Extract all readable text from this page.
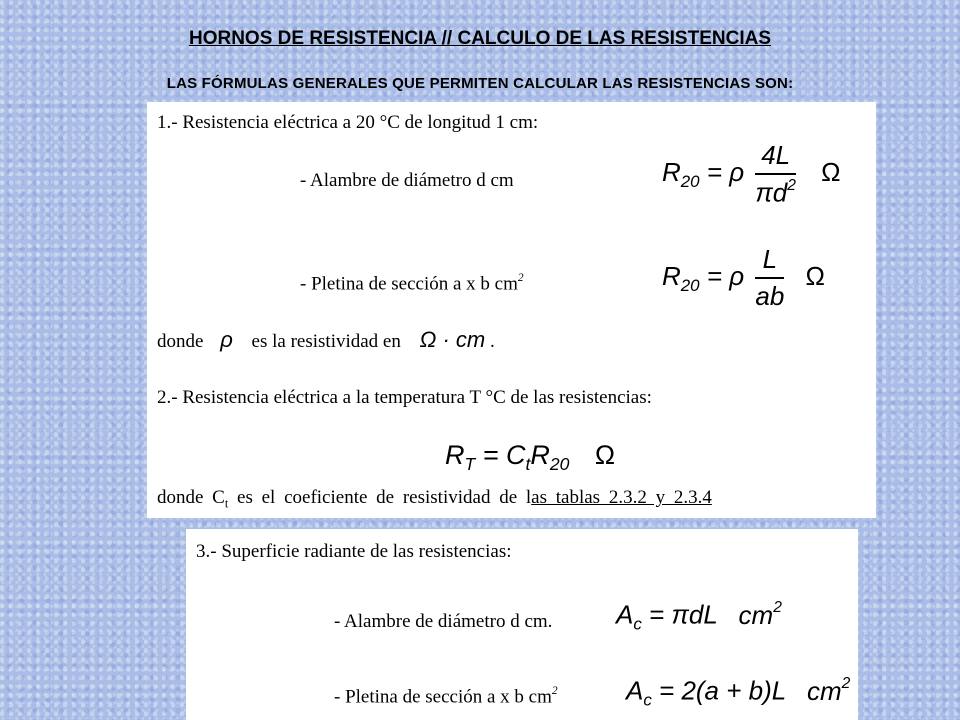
HORNOS DE RESISTENCIA // CALCULO DE LAS RESISTENCIAS
LAS FÓRMULAS GENERALES QUE PERMITEN CALCULAR LAS RESISTENCIAS SON:
1.- Resistencia eléctrica a 20 °C de longitud 1 cm:
- Alambre de diámetro d cm	$R_{20} = \rho \frac{4L}{\pi d^2}$ Ω
- Pletina de sección a x b $cm^2$	$R_{20} = \rho \frac{L}{ab}$ Ω
donde ρ es la resistividad en Ω · cm .
2.- Resistencia eléctrica a la temperatura T °C de las resistencias:
$R_T = C_tR_{20}$ Ω
donde $C_t$ es el coeficiente de resistividad de las tablas 2.3.2 y 2.3.4
3.- Superficie radiante de las resistencias:
- Alambre de diámetro d cm. $A_c = \pi dL$ $cm^2$
- Pletina de sección a x b $cm^2$	$A_c = 2(a + b)L$ $cm^2$
